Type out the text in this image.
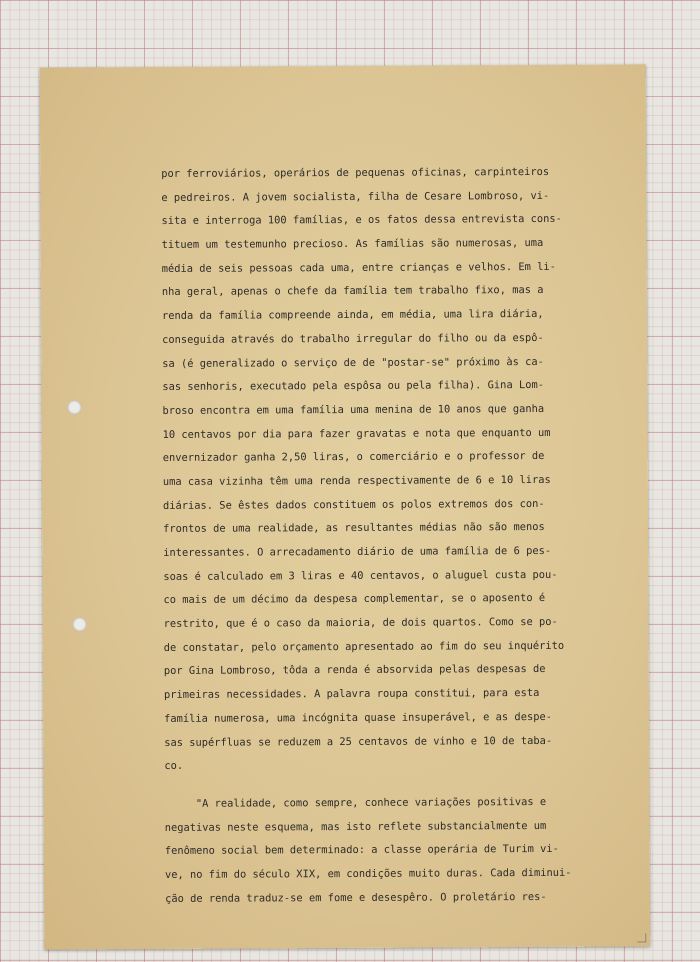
por ferroviários, operários de pequenas oficinas, carpinteiros
e pedreiros. A jovem socialista, filha de Cesare Lombroso, vi-
sita e interroga 100 famílias, e os fatos dessa entrevista cons-
tituem um testemunho precioso. As famílias são numerosas, uma
média de seis pessoas cada uma, entre crianças e velhos. Em li-
nha geral, apenas o chefe da família tem trabalho fixo, mas a
renda da família compreende ainda, em média, uma lira diária,
conseguida através do trabalho irregular do filho ou da espô-
sa (é generalizado o serviço de de "postar-se" próximo às ca-
sas senhoris, executado pela espôsa ou pela filha). Gina Lom-
broso encontra em uma família uma menina de 10 anos que ganha
10 centavos por dia para fazer gravatas e nota que enquanto um
envernizador ganha 2,50 liras, o comerciário e o professor de
uma casa vizinha têm uma renda respectivamente de 6 e 10 liras
diárias. Se êstes dados constituem os polos extremos dos con-
frontos de uma realidade, as resultantes médias não são menos
interessantes. O arrecadamento diário de uma família de 6 pes-
soas é calculado em 3 liras e 40 centavos, o aluguel custa pou-
co mais de um décimo da despesa complementar, se o aposento é
restrito, que é o caso da maioria, de dois quartos. Como se po-
de constatar, pelo orçamento apresentado ao fim do seu inquérito
por Gina Lombroso, tôda a renda é absorvida pelas despesas de
primeiras necessidades. A palavra roupa constitui, para esta
família numerosa, uma incógnita quase insuperável, e as despe-
sas supérfluas se reduzem a 25 centavos de vinho e 10 de taba-
co.
"A realidade, como sempre, conhece variações positivas e
negativas neste esquema, mas isto reflete substancialmente um
fenômeno social bem determinado: a classe operária de Turim vi-
ve, no fim do século XIX, em condições muito duras. Cada diminui-
ção de renda traduz-se em fome e desespêro. O proletário res-
